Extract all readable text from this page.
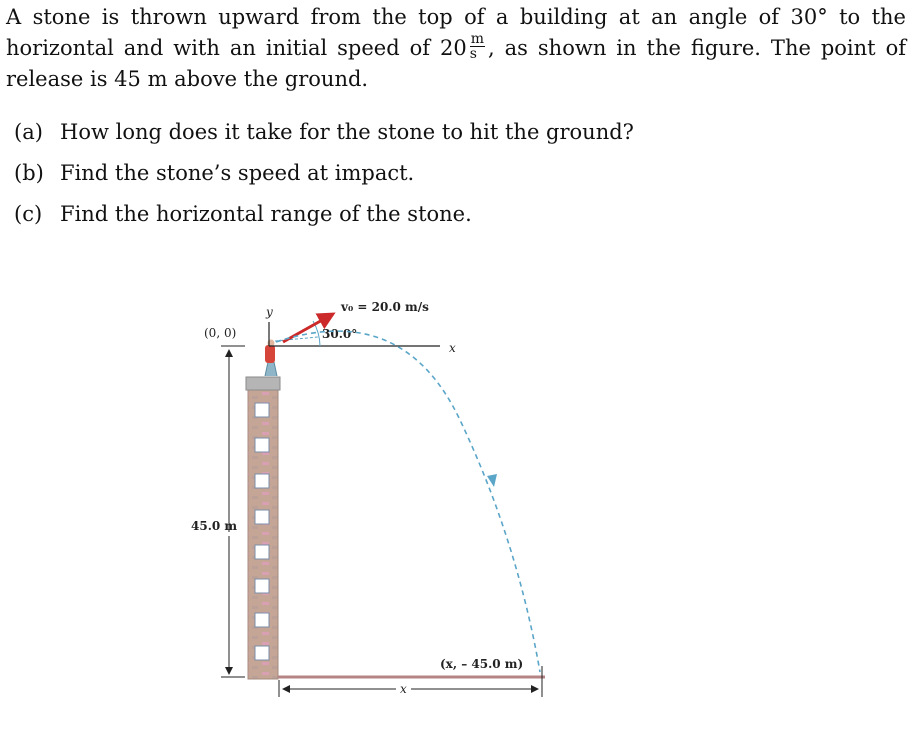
A stone is thrown upward from the top of a building at an angle of 30° to the horizontal and with an initial speed of $20 \frac{m}{s}$ , as shown in the figure. The point of release is 45 m above the ground.
(a) How long does it take for the stone to hit the ground?
(b) Find the stone’s speed at impact.
(c) Find the horizontal range of the stone.
y
x
(0, 0)
v₀ = 20.0 m/s
30.0°
45.0 m
(x, – 45.0 m)
x
